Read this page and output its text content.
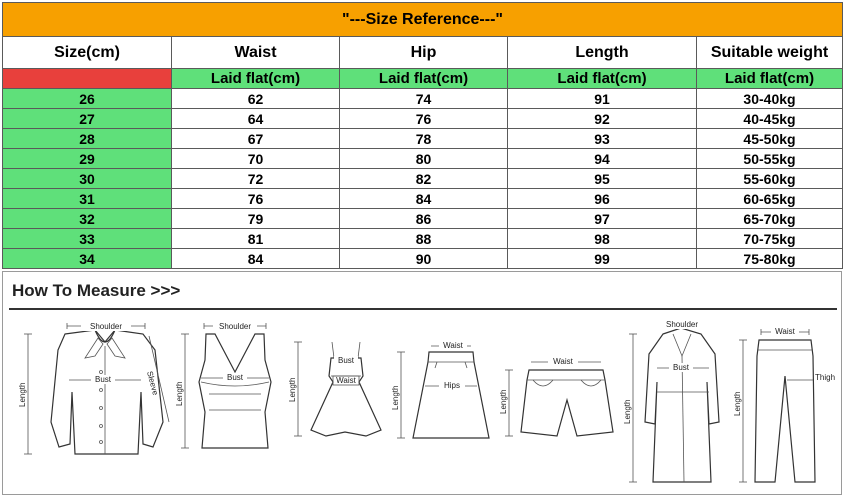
"---Size Reference---"				
Size(cm)	Waist	Hip	Length	Suitable weight
	Laid flat(cm)	Laid flat(cm)	Laid flat(cm)	Laid flat(cm)
26	62	74	91	30-40kg
27	64	76	92	40-45kg
28	67	78	93	45-50kg
29	70	80	94	50-55kg
30	72	82	95	55-60kg
31	76	84	96	60-65kg
32	79	86	97	65-70kg
33	81	88	98	70-75kg
34	84	90	99	75-80kg
How To Measure >>>
Shoulder
Bust
Length	Sleeve
Shoulder
Bust
Length
Bust
Waist
Length
Waist
Hips
Length
Waist
Length
Shoulder
Bust
Length
Waist
Thigh
Length
